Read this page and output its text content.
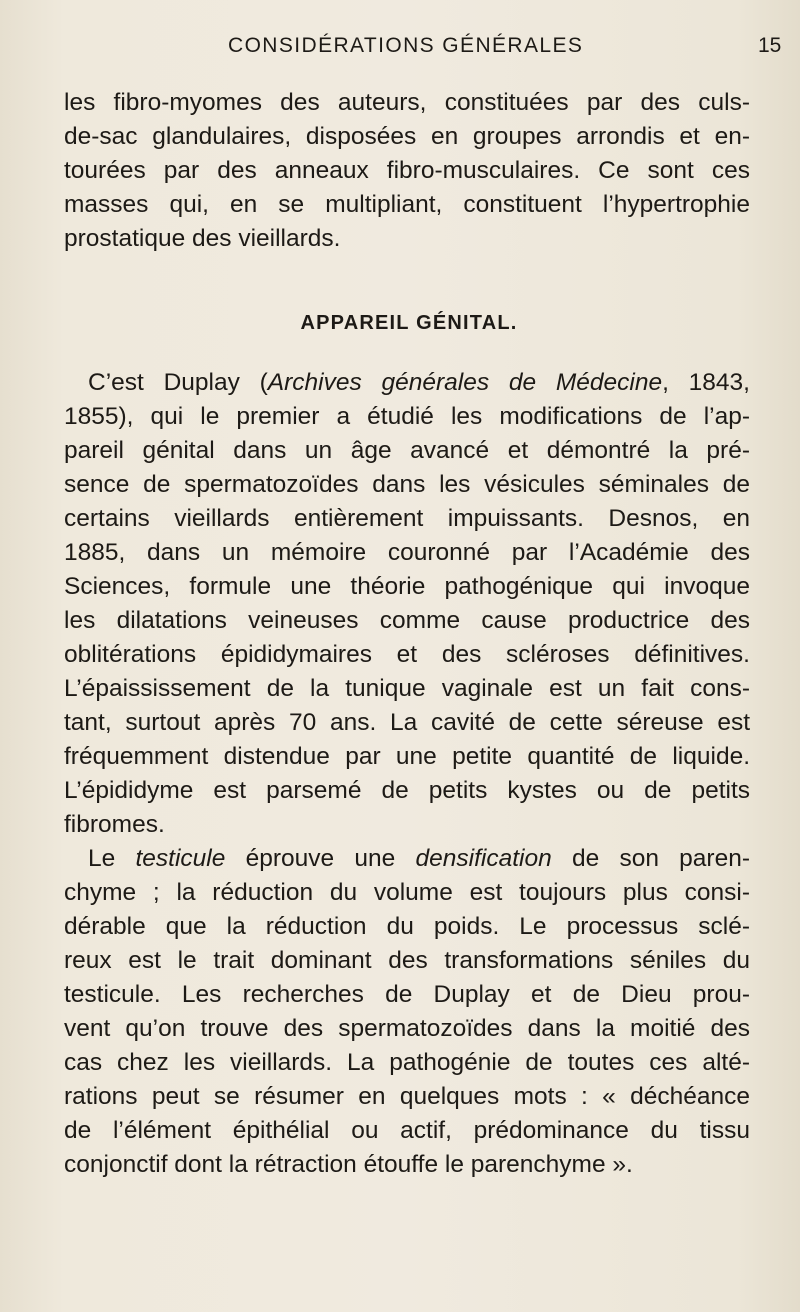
CONSIDÉRATIONS GÉNÉRALES	15
les fibro-myomes des auteurs, constituées par des culs-
de-sac glandulaires, disposées en groupes arrondis et en-
tourées par des anneaux fibro-musculaires. Ce sont ces
masses qui, en se multipliant, constituent l’hypertrophie
prostatique des vieillards.
APPAREIL GÉNITAL.
C’est Duplay (Archives générales de Médecine, 1843,
1855), qui le premier a étudié les modifications de l’ap-
pareil génital dans un âge avancé et démontré la pré-
sence de spermatozoïdes dans les vésicules séminales de
certains vieillards entièrement impuissants. Desnos, en
1885, dans un mémoire couronné par l’Académie des
Sciences, formule une théorie pathogénique qui invoque
les dilatations veineuses comme cause productrice des
oblitérations épididymaires et des scléroses définitives.
L’épaississement de la tunique vaginale est un fait cons-
tant, surtout après 70 ans. La cavité de cette séreuse est
fréquemment distendue par une petite quantité de liquide.
L’épididyme est parsemé de petits kystes ou de petits
fibromes.
Le testicule éprouve une densification de son paren-
chyme ; la réduction du volume est toujours plus consi-
dérable que la réduction du poids. Le processus sclé-
reux est le trait dominant des transformations séniles du
testicule. Les recherches de Duplay et de Dieu prou-
vent qu’on trouve des spermatozoïdes dans la moitié des
cas chez les vieillards. La pathogénie de toutes ces alté-
rations peut se résumer en quelques mots : « déchéance
de l’élément épithélial ou actif, prédominance du tissu
conjonctif dont la rétraction étouffe le parenchyme ».
